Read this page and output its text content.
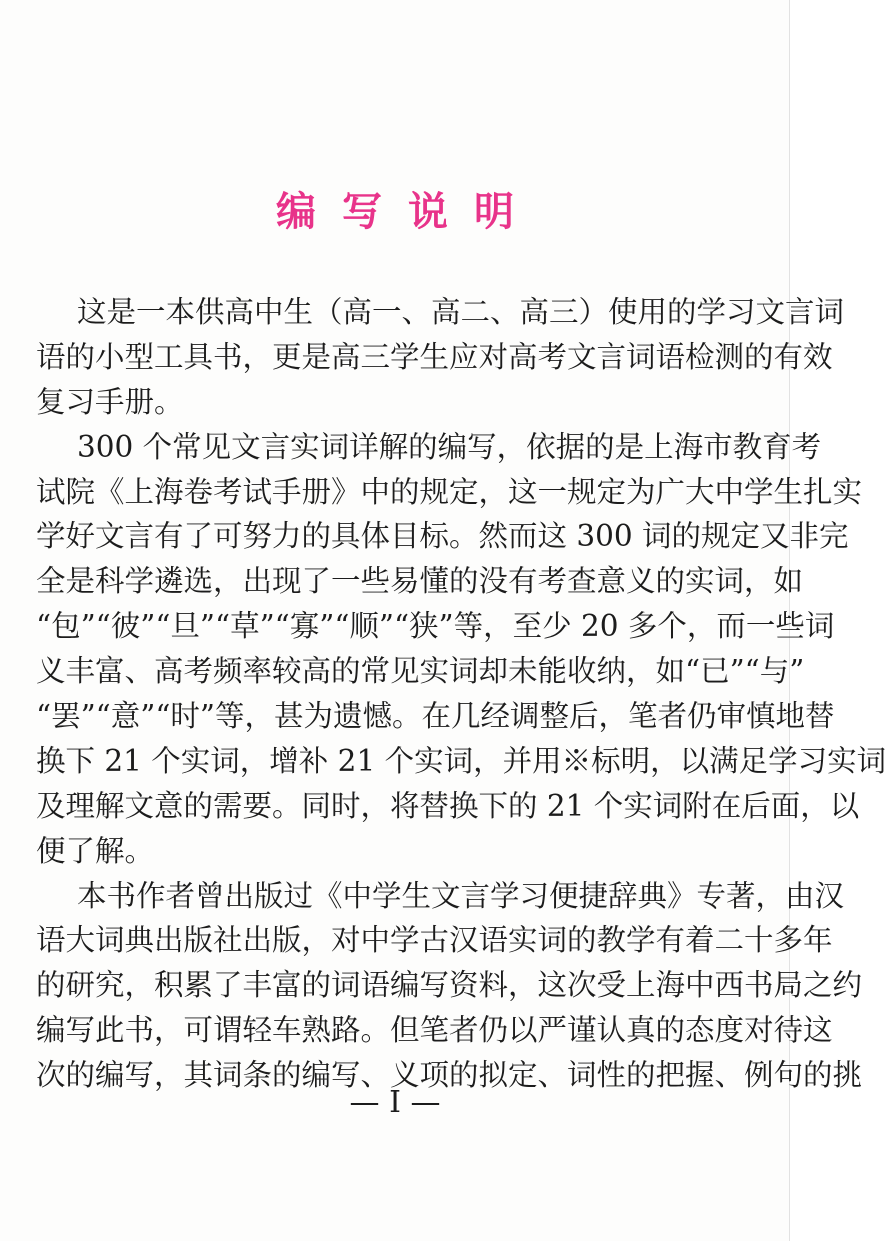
编写说明
这是一本供高中生（高一、高二、高三）使用的学习文言词
语的小型工具书，更是高三学生应对高考文言词语检测的有效
复习手册。
300 个常见文言实词详解的编写，依据的是上海市教育考
试院《上海卷考试手册》中的规定，这一规定为广大中学生扎实
学好文言有了可努力的具体目标。然而这 300 词的规定又非完
全是科学遴选，出现了一些易懂的没有考查意义的实词，如
“包”“彼”“旦”“草”“寡”“顺”“狭”等，至少 20 多个，而一些词
义丰富、高考频率较高的常见实词却未能收纳，如“已”“与”
“罢”“意”“时”等，甚为遗憾。在几经调整后，笔者仍审慎地替
换下 21 个实词，增补 21 个实词，并用※标明，以满足学习实词
及理解文意的需要。同时，将替换下的 21 个实词附在后面，以
便了解。
本书作者曾出版过《中学生文言学习便捷辞典》专著，由汉
语大词典出版社出版，对中学古汉语实词的教学有着二十多年
的研究，积累了丰富的词语编写资料，这次受上海中西书局之约
编写此书，可谓轻车熟路。但笔者仍以严谨认真的态度对待这
次的编写，其词条的编写、义项的拟定、词性的把握、例句的挑
— I —
